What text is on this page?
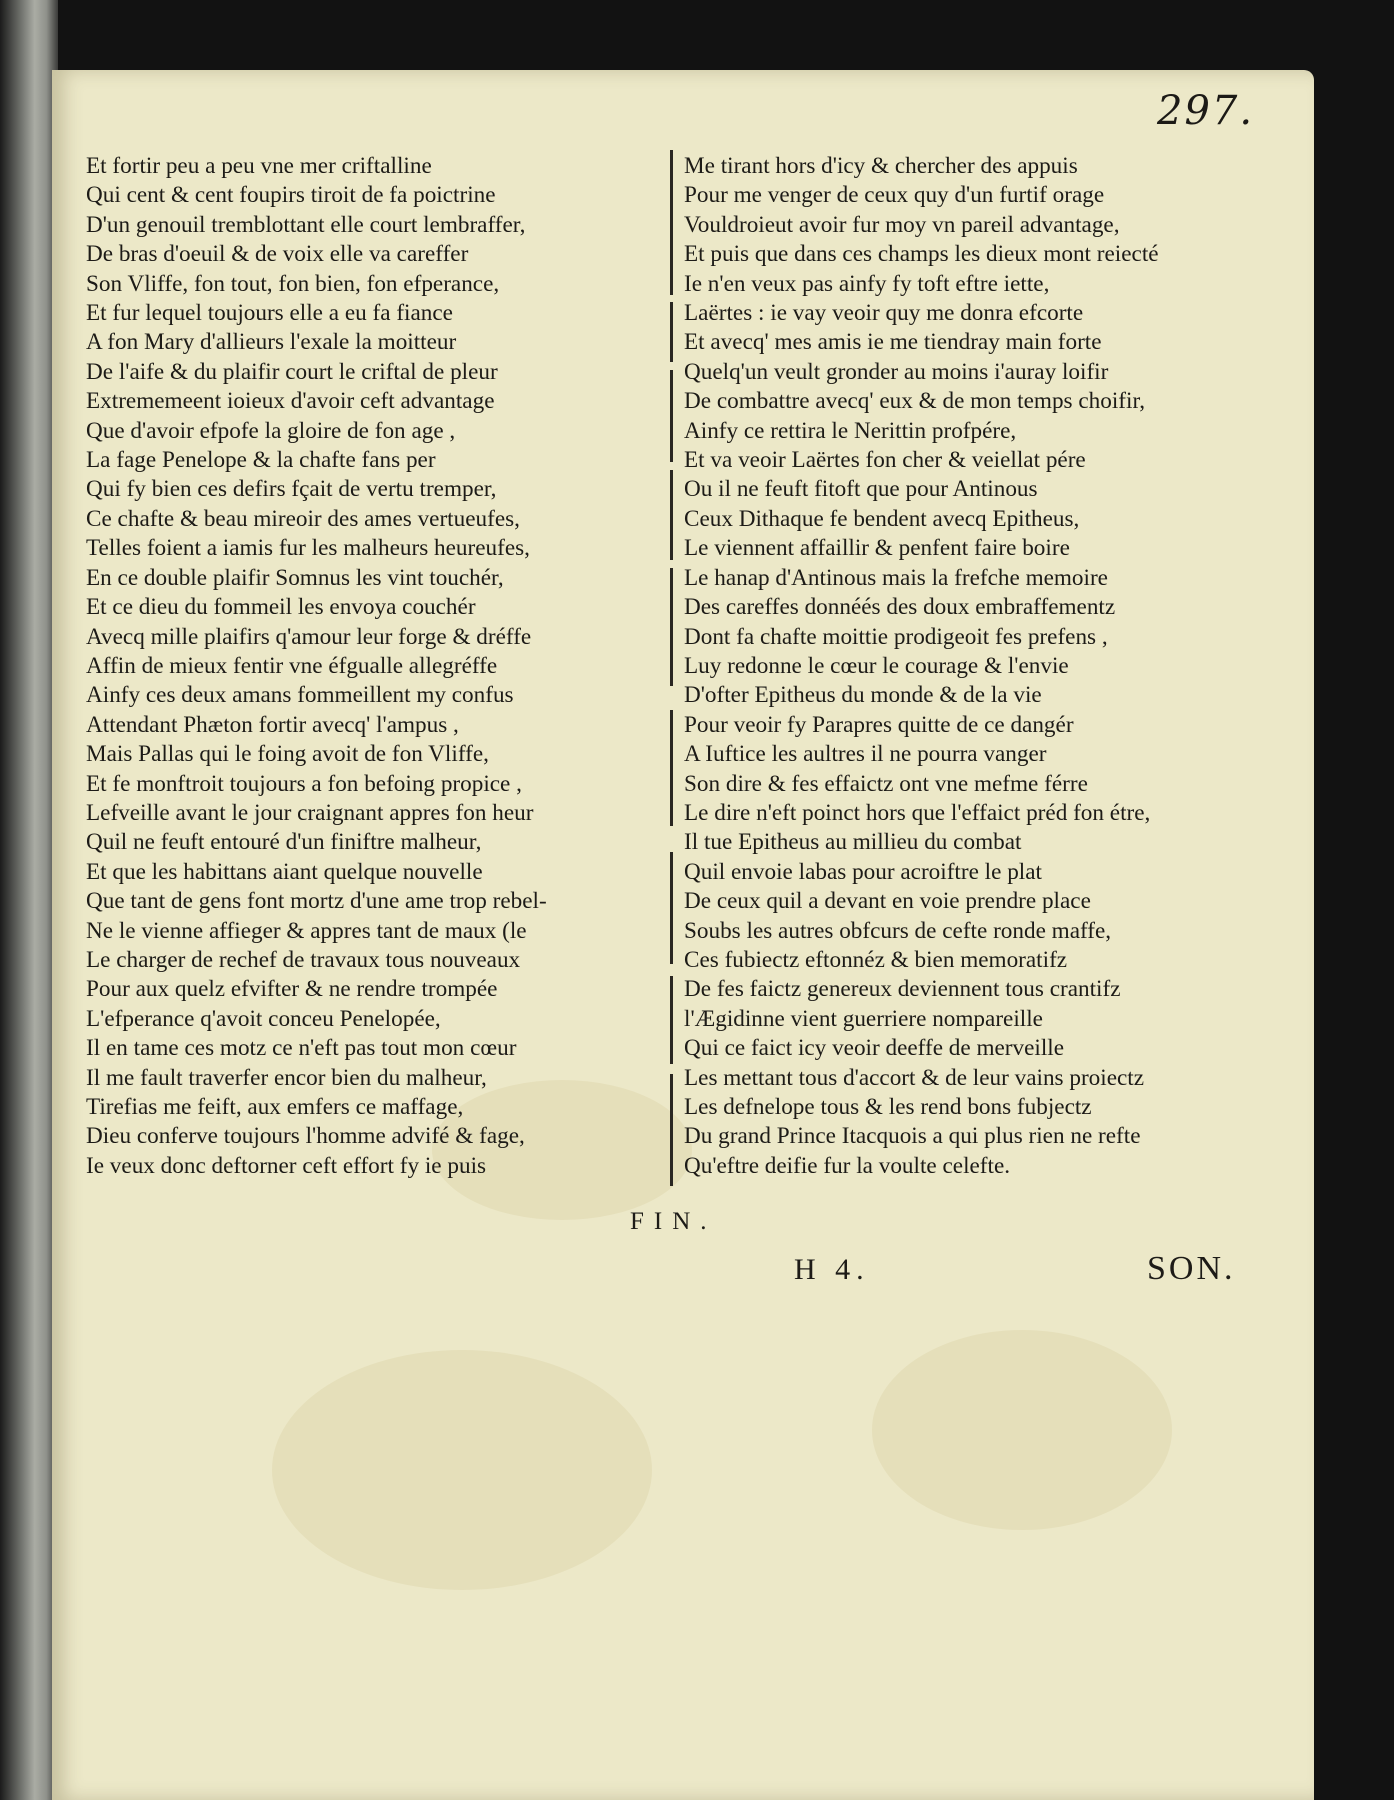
297.
Et fortir peu a peu vne mer criftalline
Qui cent & cent foupirs tiroit de fa poictrine
D'un genouil tremblottant elle court lembraffer,
De bras d'oeuil & de voix elle va careffer
Son Vliffe, fon tout, fon bien, fon efperance,
Et fur lequel toujours elle a eu fa fiance
A fon Mary d'allieurs l'exale la moitteur
De l'aife & du plaifir court le criftal de pleur
Extrememeent ioieux d'avoir ceft advantage
Que d'avoir efpofe la gloire de fon age ,
La fage Penelope & la chafte fans per
Qui fy bien ces defirs fçait de vertu tremper,
Ce chafte & beau mireoir des ames vertueufes,
Telles foient a iamis fur les malheurs heureufes,
En ce double plaifir Somnus les vint touchér,
Et ce dieu du fommeil les envoya couchér
Avecq mille plaifirs q'amour leur forge & dréffe
Affin de mieux fentir vne éfgualle allegréffe
Ainfy ces deux amans fommeillent my confus
Attendant Phæton fortir avecq' l'ampus ,
Mais Pallas qui le foing avoit de fon Vliffe,
Et fe monftroit toujours a fon befoing propice ,
Lefveille avant le jour craignant appres fon heur
Quil ne feuft entouré d'un finiftre malheur,
Et que les habittans aiant quelque nouvelle
Que tant de gens font mortz d'une ame trop rebel-
Ne le vienne affieger & appres tant de maux (le
Le charger de rechef de travaux tous nouveaux
Pour aux quelz efvifter & ne rendre trompée
L'efperance q'avoit conceu Penelopée,
Il en tame ces motz ce n'eft pas tout mon cœur
Il me fault traverfer encor bien du malheur,
Tirefias me feift, aux emfers ce maffage,
Dieu conferve toujours l'homme advifé & fage,
Ie veux donc deftorner ceft effort fy ie puis
Me tirant hors d'icy & chercher des appuis
Pour me venger de ceux quy d'un furtif orage
Vouldroieut avoir fur moy vn pareil advantage,
Et puis que dans ces champs les dieux mont reiecté
Ie n'en veux pas ainfy fy toft eftre iette,
Laërtes : ie vay veoir quy me donra efcorte
Et avecq' mes amis ie me tiendray main forte
Quelq'un veult gronder au moins i'auray loifir
De combattre avecq' eux & de mon temps choifir,
Ainfy ce rettira le Nerittin profpére,
Et va veoir Laërtes fon cher & veiellat pére
Ou il ne feuft fitoft que pour Antinous
Ceux Dithaque fe bendent avecq Epitheus,
Le viennent affaillir & penfent faire boire
Le hanap d'Antinous mais la frefche memoire
Des careffes donnéés des doux embraffementz
Dont fa chafte moittie prodigeoit fes prefens ,
Luy redonne le cœur le courage & l'envie
D'ofter Epitheus du monde & de la vie
Pour veoir fy Parapres quitte de ce dangér
A Iuftice les aultres il ne pourra vanger
Son dire & fes effaictz ont vne mefme férre
Le dire n'eft poinct hors que l'effaict préd fon étre,
Il tue Epitheus au millieu du combat
Quil envoie labas pour acroiftre le plat
De ceux quil a devant en voie prendre place
Soubs les autres obfcurs de cefte ronde maffe,
Ces fubiectz eftonnéz & bien memoratifz
De fes faictz genereux deviennent tous crantifz
l'Ægidinne vient guerriere nompareille
Qui ce faict icy veoir deeffe de merveille
Les mettant tous d'accort & de leur vains proiectz
Les defnelope tous & les rend bons fubjectz
Du grand Prince Itacquois a qui plus rien ne refte
Qu'eftre deifie fur la voulte celefte.
FIN.
H 4.	SON.
